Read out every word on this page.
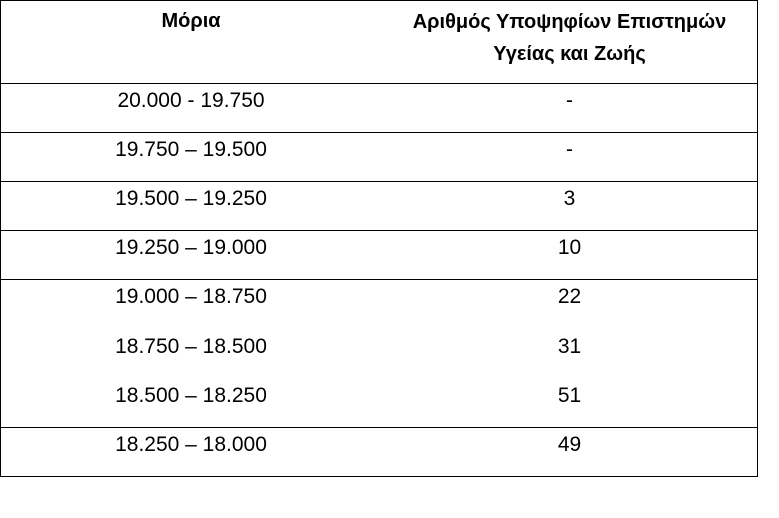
Μόρια	Αριθμός Υποψηφίων Επιστημών Υγείας και Ζωής
20.000 - 19.750	-
19.750 – 19.500	-
19.500 – 19.250	3
19.250 – 19.000	10
19.000 – 18.750	22
18.750 – 18.500	31
18.500 – 18.250	51
18.250 – 18.000	49
